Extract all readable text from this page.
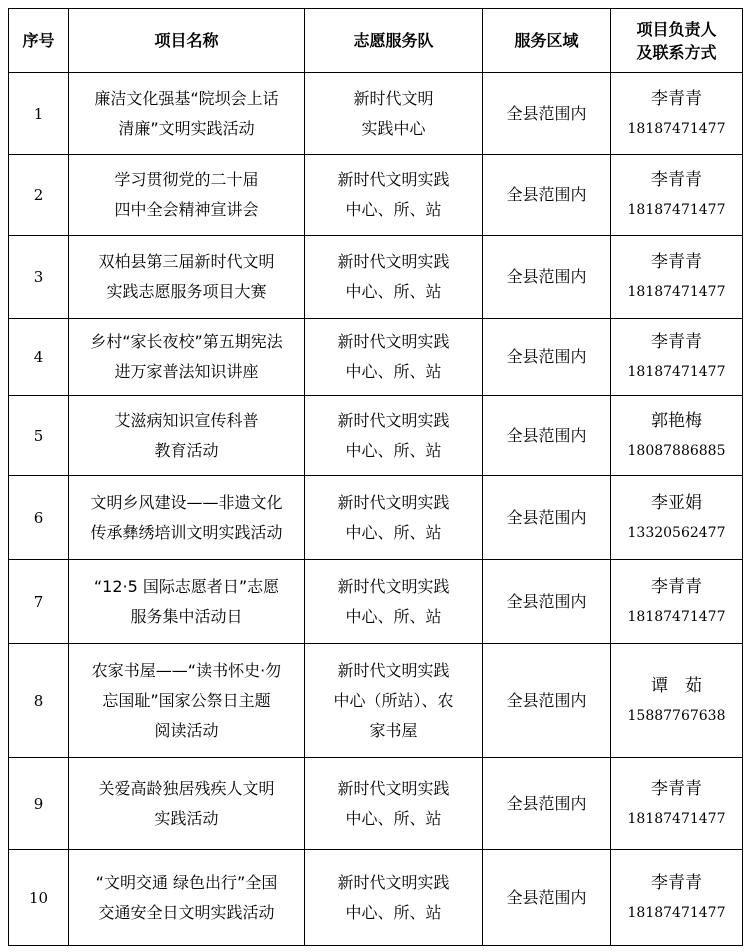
序号	项目名称	志愿服务队	服务区域	项目负责人
及联系方式

1	廉洁文化强基“院坝会上话
清廉”文明实践活动	新时代文明
实践中心	全县范围内	李青青
18187471477

2	学习贯彻党的二十届
四中全会精神宣讲会	新时代文明实践
中心、所、站	全县范围内	李青青
18187471477

3	双柏县第三届新时代文明
实践志愿服务项目大赛	新时代文明实践
中心、所、站	全县范围内	李青青
18187471477

4	乡村“家长夜校”第五期宪法
进万家普法知识讲座	新时代文明实践
中心、所、站	全县范围内	李青青
18187471477

5	艾滋病知识宣传科普
教育活动	新时代文明实践
中心、所、站	全县范围内	郭艳梅
18087886885

6	文明乡风建设——非遗文化
传承彝绣培训文明实践活动	新时代文明实践
中心、所、站	全县范围内	李亚娟
13320562477

7	“12·5 国际志愿者日”志愿
服务集中活动日	新时代文明实践
中心、所、站	全县范围内	李青青
18187471477

8	农家书屋——“读书怀史·勿
忘国耻”国家公祭日主题
阅读活动	新时代文明实践
中心（所站）、农
家书屋	全县范围内	谭　茹
15887767638

9	关爱高龄独居残疾人文明
实践活动	新时代文明实践
中心、所、站	全县范围内	李青青
18187471477

10	“文明交通 绿色出行”全国
交通安全日文明实践活动	新时代文明实践
中心、所、站	全县范围内	李青青
18187471477
